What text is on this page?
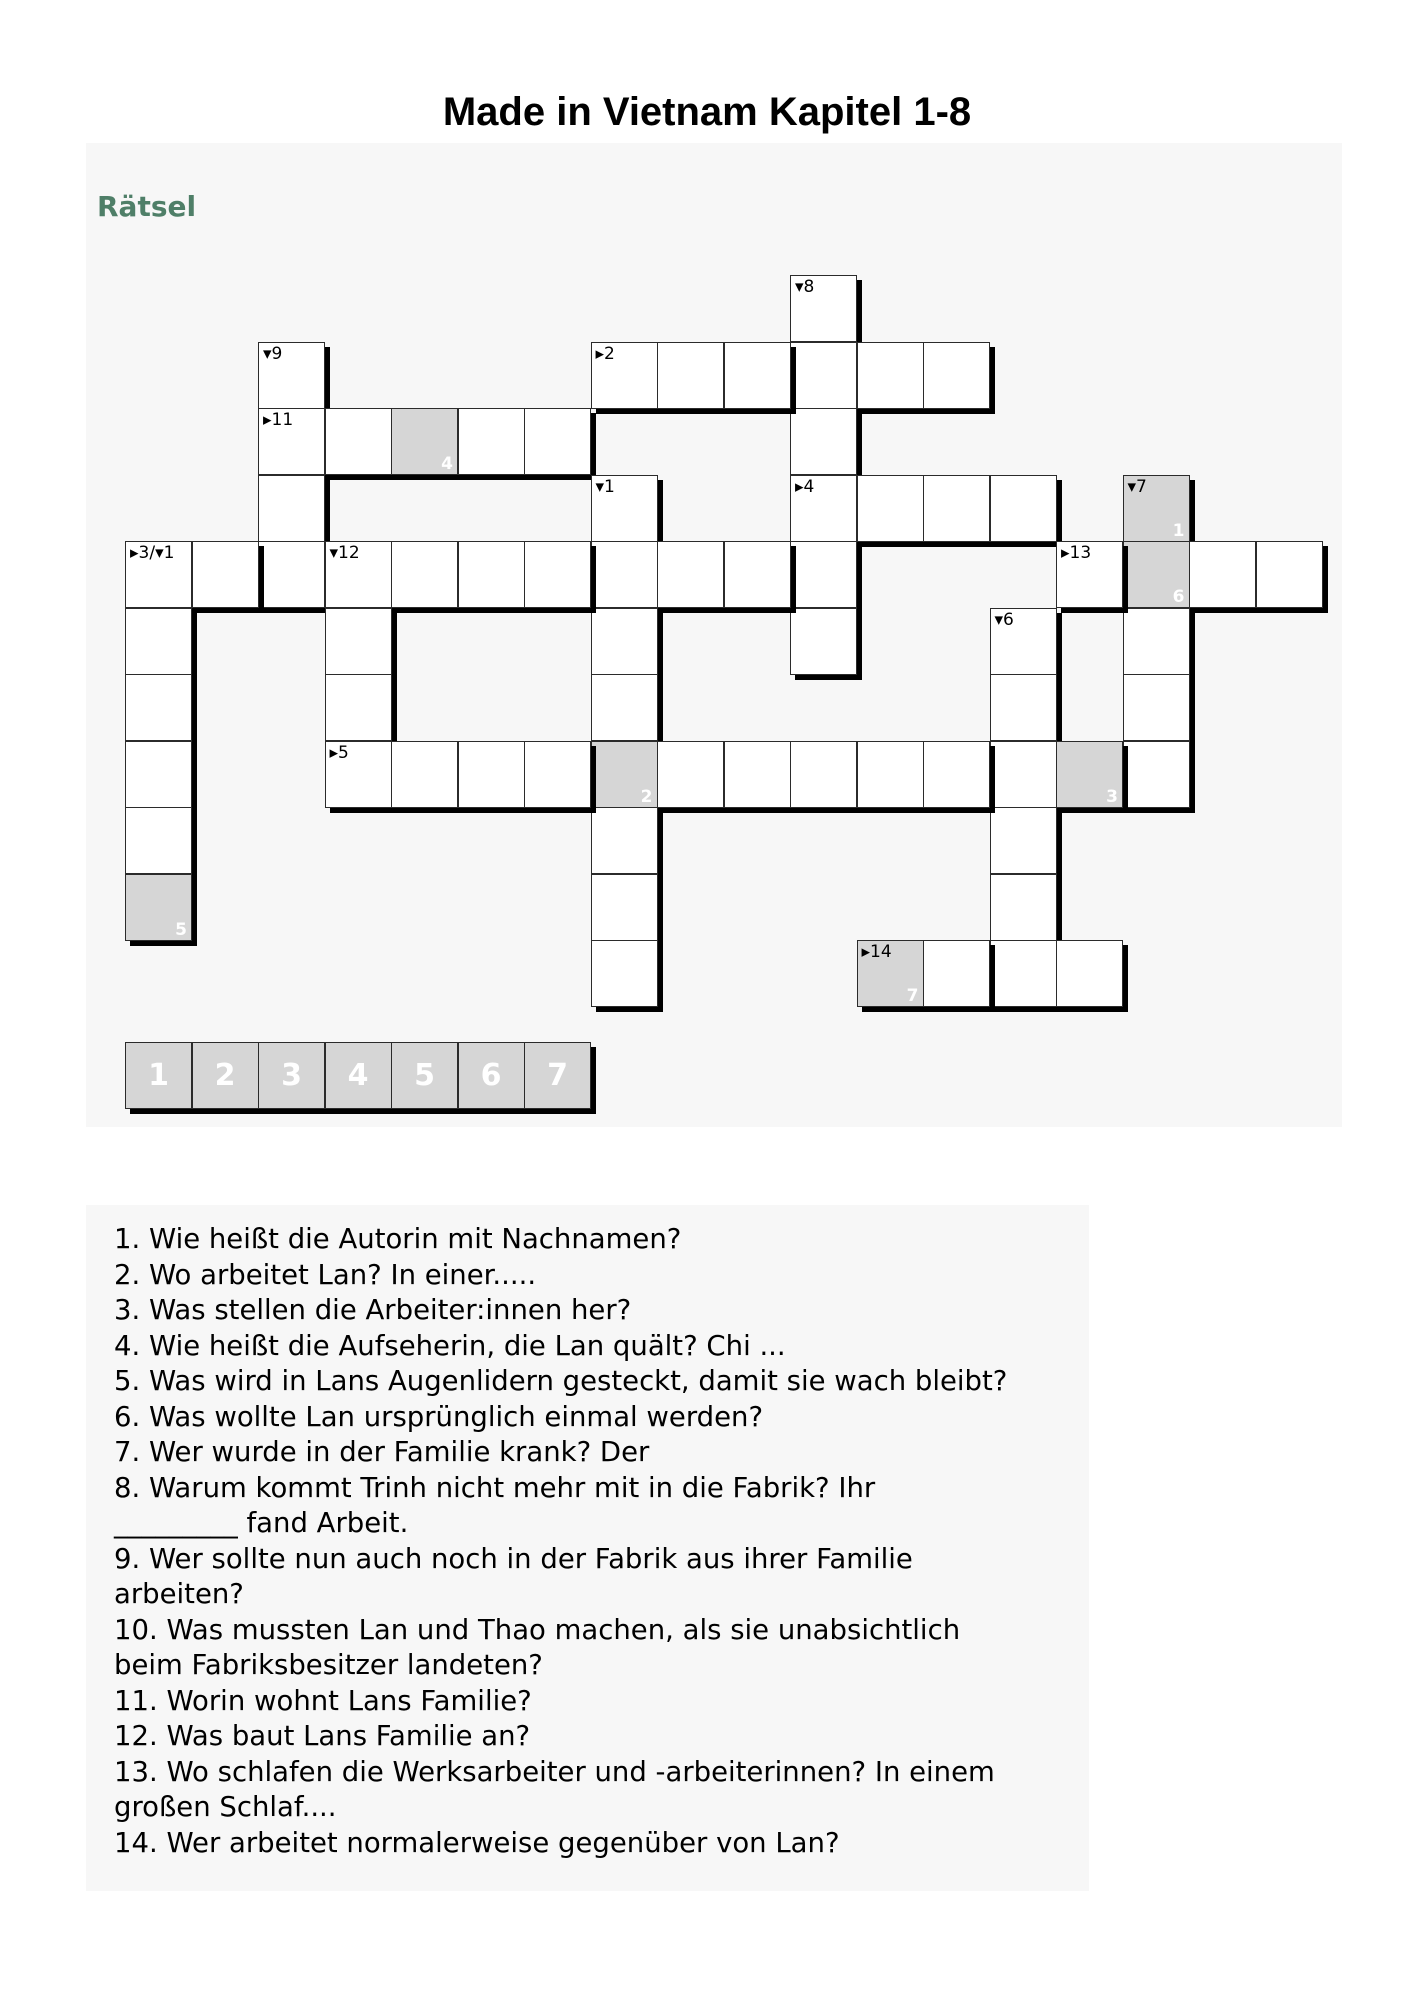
Made in Vietnam Kapitel 1-8
Rätsel
▾8
▸4
▾9
▸11
▸2
4
▾1
2
▾7
1
6
▸3/▾1	▾12
5
▸5
▸13
▾6
3
▸14
7
1	2	3	4	5	6	7
1. Wie heißt die Autorin mit Nachnamen?
2. Wo arbeitet Lan? In einer.....
3. Was stellen die Arbeiter:innen her?
4. Wie heißt die Aufseherin, die Lan quält? Chi ...
5. Was wird in Lans Augenlidern gesteckt, damit sie wach bleibt?
6. Was wollte Lan ursprünglich einmal werden?
7. Wer wurde in der Familie krank? Der
8. Warum kommt Trinh nicht mehr mit in die Fabrik? Ihr
_________ fand Arbeit.
9. Wer sollte nun auch noch in der Fabrik aus ihrer Familie
arbeiten?
10. Was mussten Lan und Thao machen, als sie unabsichtlich
beim Fabriksbesitzer landeten?
11. Worin wohnt Lans Familie?
12. Was baut Lans Familie an?
13. Wo schlafen die Werksarbeiter und -arbeiterinnen? In einem
großen Schlaf....
14. Wer arbeitet normalerweise gegenüber von Lan?
